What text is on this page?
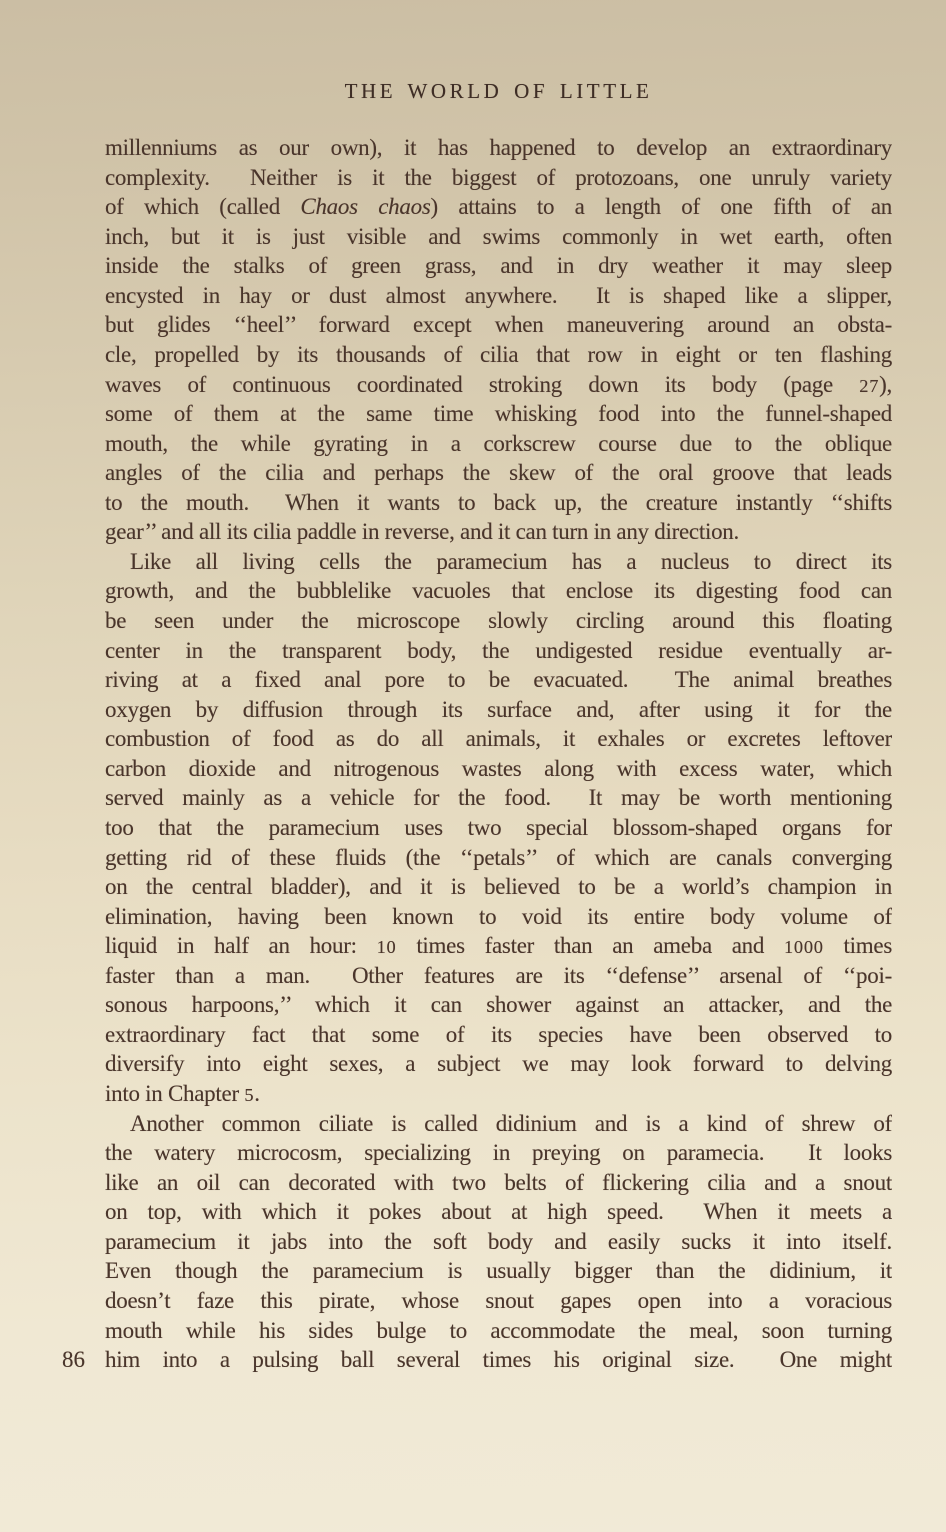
THE WORLD OF LITTLE
millenniums as our own), it has happened to develop an extraordinary
complexity.  Neither is it the biggest of protozoans, one unruly variety
of which (called Chaos chaos) attains to a length of one fifth of an
inch, but it is just visible and swims commonly in wet earth, often
inside the stalks of green grass, and in dry weather it may sleep
encysted in hay or dust almost anywhere.  It is shaped like a slipper,
but glides ‘‘heel’’ forward except when maneuvering around an obsta-
cle, propelled by its thousands of cilia that row in eight or ten flashing
waves of continuous coordinated stroking down its body (page 27),
some of them at the same time whisking food into the funnel-shaped
mouth, the while gyrating in a corkscrew course due to the oblique
angles of the cilia and perhaps the skew of the oral groove that leads
to the mouth.  When it wants to back up, the creature instantly ‘‘shifts
gear’’ and all its cilia paddle in reverse, and it can turn in any direction.
Like all living cells the paramecium has a nucleus to direct its
growth, and the bubblelike vacuoles that enclose its digesting food can
be seen under the microscope slowly circling around this floating
center in the transparent body, the undigested residue eventually ar-
riving at a fixed anal pore to be evacuated.  The animal breathes
oxygen by diffusion through its surface and, after using it for the
combustion of food as do all animals, it exhales or excretes leftover
carbon dioxide and nitrogenous wastes along with excess water, which
served mainly as a vehicle for the food.  It may be worth mentioning
too that the paramecium uses two special blossom-shaped organs for
getting rid of these fluids (the ‘‘petals’’ of which are canals converging
on the central bladder), and it is believed to be a world’s champion in
elimination, having been known to void its entire body volume of
liquid in half an hour: 10 times faster than an ameba and 1000 times
faster than a man.  Other features are its ‘‘defense’’ arsenal of ‘‘poi-
sonous harpoons,’’ which it can shower against an attacker, and the
extraordinary fact that some of its species have been observed to
diversify into eight sexes, a subject we may look forward to delving
into in Chapter 5.
Another common ciliate is called didinium and is a kind of shrew of
the watery microcosm, specializing in preying on paramecia.  It looks
like an oil can decorated with two belts of flickering cilia and a snout
on top, with which it pokes about at high speed.  When it meets a
paramecium it jabs into the soft body and easily sucks it into itself.
Even though the paramecium is usually bigger than the didinium, it
doesn’t faze this pirate, whose snout gapes open into a voracious
mouth while his sides bulge to accommodate the meal, soon turning
him into a pulsing ball several times his original size.  One might
86
